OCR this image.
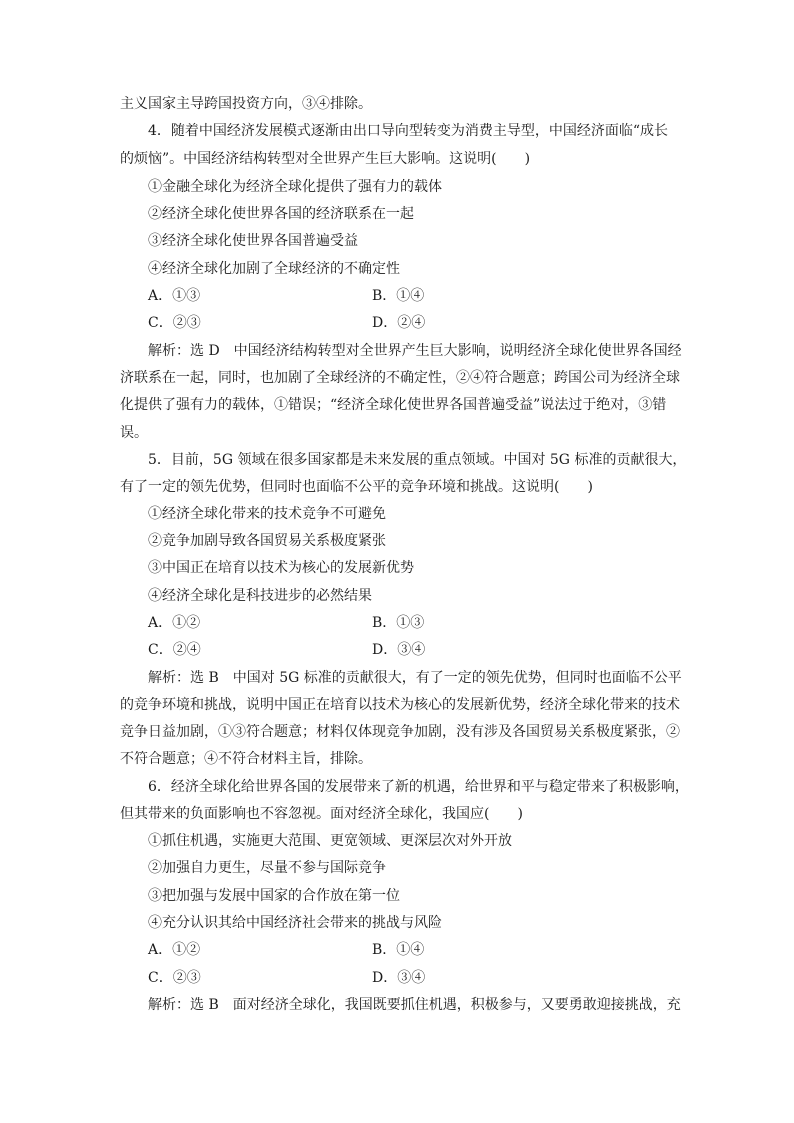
主义国家主导跨国投资方向，③④排除。
4．随着中国经济发展模式逐渐由出口导向型转变为消费主导型，中国经济面临“成长
的烦恼”。中国经济结构转型对全世界产生巨大影响。这说明(　　)
①金融全球化为经济全球化提供了强有力的载体
②经济全球化使世界各国的经济联系在一起
③经济全球化使世界各国普遍受益
④经济全球化加剧了全球经济的不确定性
A．①③	B．①④
C．②③	D．②④
解析：选 D　中国经济结构转型对全世界产生巨大影响，说明经济全球化使世界各国经
济联系在一起，同时，也加剧了全球经济的不确定性，②④符合题意；跨国公司为经济全球
化提供了强有力的载体，①错误；“经济全球化使世界各国普遍受益”说法过于绝对，③错
误。
5．目前，5G 领域在很多国家都是未来发展的重点领域。中国对 5G 标准的贡献很大，
有了一定的领先优势，但同时也面临不公平的竞争环境和挑战。这说明(　　)
①经济全球化带来的技术竞争不可避免
②竞争加剧导致各国贸易关系极度紧张
③中国正在培育以技术为核心的发展新优势
④经济全球化是科技进步的必然结果
A．①②	B．①③
C．②④	D．③④
解析：选 B　中国对 5G 标准的贡献很大，有了一定的领先优势，但同时也面临不公平
的竞争环境和挑战，说明中国正在培育以技术为核心的发展新优势，经济全球化带来的技术
竞争日益加剧，①③符合题意；材料仅体现竞争加剧，没有涉及各国贸易关系极度紧张，②
不符合题意；④不符合材料主旨，排除。
6．经济全球化给世界各国的发展带来了新的机遇，给世界和平与稳定带来了积极影响，
但其带来的负面影响也不容忽视。面对经济全球化，我国应(　　)
①抓住机遇，实施更大范围、更宽领域、更深层次对外开放
②加强自力更生，尽量不参与国际竞争
③把加强与发展中国家的合作放在第一位
④充分认识其给中国经济社会带来的挑战与风险
A．①②	B．①④
C．②③	D．③④
解析：选 B　面对经济全球化，我国既要抓住机遇，积极参与，又要勇敢迎接挑战，充
